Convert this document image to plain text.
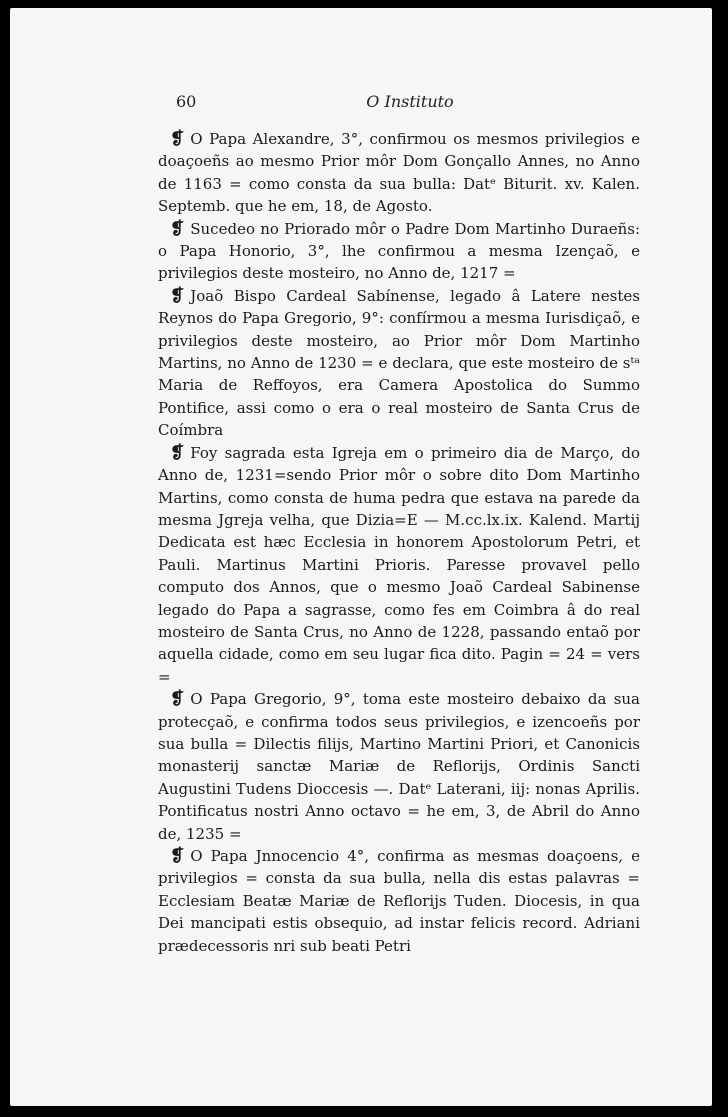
60	O Instituto

❡ O Papa Alexandre, 3°, confirmou os mesmos privilegios e doaçoeñs ao mesmo Prior môr Dom Gonçallo Annes, no Anno de 1163 = como consta da sua bulla: Datᵉ Biturit. xv. Kalen. Septemb. que he em, 18, de Agosto.

❡ Sucedeo no Priorado môr o Padre Dom Martinho Duraeñs: o Papa Honorio, 3°, lhe confirmou a mesma Izençaõ, e privilegios deste mosteiro, no Anno de, 1217 =

❡ Joaõ Bispo Cardeal Sabínense, legado â Latere nestes Reynos do Papa Gregorio, 9°: confírmou a mesma Iurisdiçaõ, e privilegios deste mosteiro, ao Prior môr Dom Martinho Martins, no Anno de 1230 = e declara, que este mosteiro de sᵗᵃ Maria de Reffoyos, era Camera Apostolica do Summo Pontifice, assi como o era o real mosteiro de Santa Crus de Coímbra

❡ Foy sagrada esta Igreja em o primeiro dia de Março, do Anno de, 1231=sendo Prior môr o sobre dito Dom Martinho Martins, como consta de huma pedra que estava na parede da mesma Jgreja velha, que Dizia=E — M.cc.lx.ix. Kalend. Martij Dedicata est hæc Ecclesia in honorem Apostolorum Petri, et Pauli. Martinus Martini Prioris. Paresse provavel pello computo dos Annos, que o mesmo Joaõ Cardeal Sabinense legado do Papa a sagrasse, como fes em Coimbra â do real mosteiro de Santa Crus, no Anno de 1228, passando entaõ por aquella cidade, como em seu lugar fica dito. Pagin = 24 = vers =

❡ O Papa Gregorio, 9°, toma este mosteiro debaixo da sua protecçaõ, e confirma todos seus privilegios, e izencoeñs por sua bulla = Dilectis filijs, Martino Martini Priori, et Canonicis monasterij sanctæ Mariæ de Reflorijs, Ordinis Sancti Augustini Tudens Dioccesis —. Datᵉ Laterani, iij: nonas Aprilis. Pontificatus nostri Anno octavo = he em, 3, de Abril do Anno de, 1235 =

❡ O Papa Jnnocencio 4°, confirma as mesmas doaçoens, e privilegios = consta da sua bulla, nella dis estas palavras = Ecclesiam Beatæ Mariæ de Reflorijs Tuden. Diocesis, in qua Dei mancipati estis obsequio, ad instar felicis record. Adriani prædecessoris nri sub beati Petri
